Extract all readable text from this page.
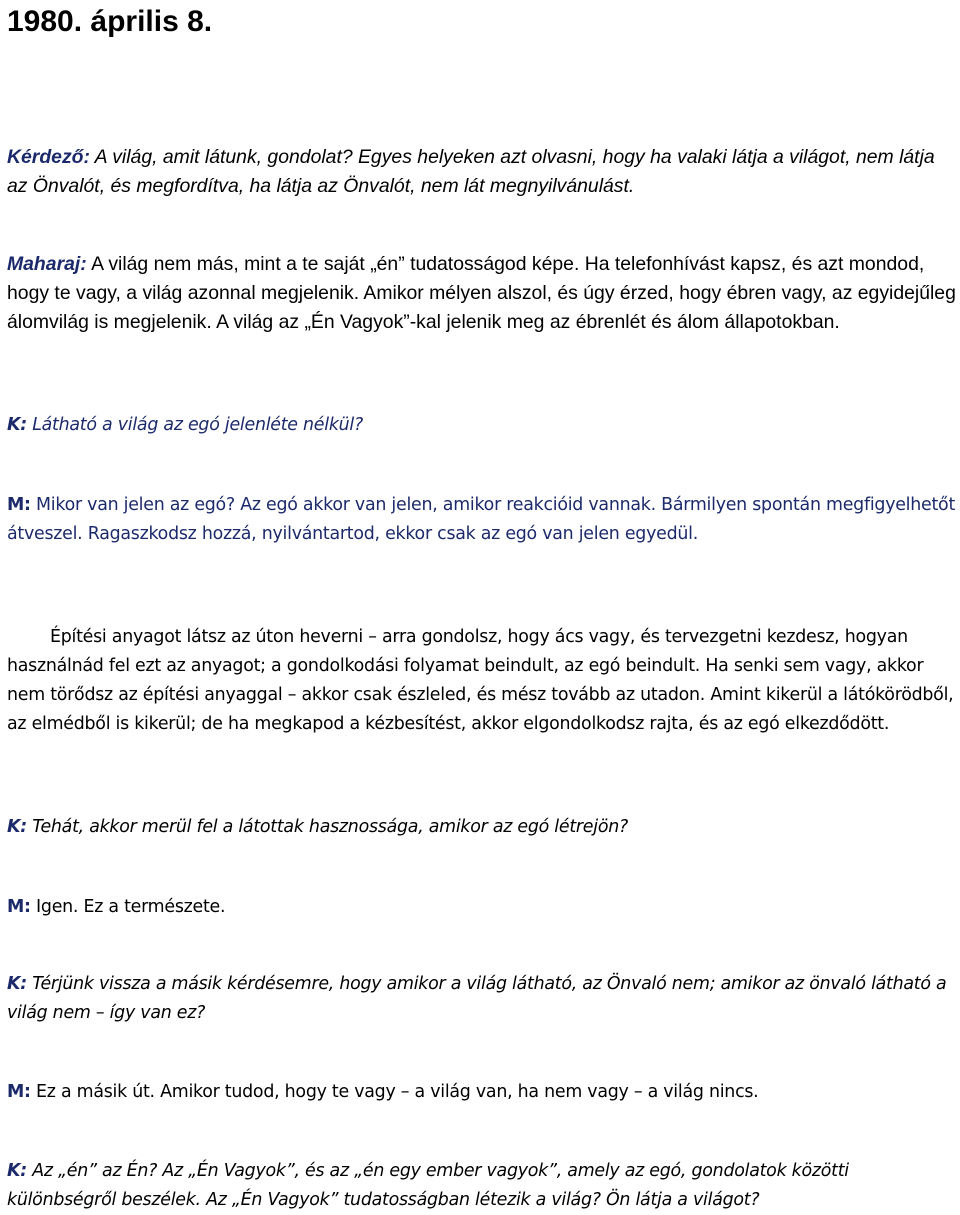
1980. április 8.

Kérdező: A világ, amit látunk, gondolat? Egyes helyeken azt olvasni, hogy ha valaki látja a világot, nem látja az Önvalót, és megfordítva, ha látja az Önvalót, nem lát megnyilvánulást.

Maharaj: A világ nem más, mint a te saját „én” tudatosságod képe. Ha telefonhívást kapsz, és azt mondod, hogy te vagy, a világ azonnal megjelenik. Amikor mélyen alszol, és úgy érzed, hogy ébren vagy, az egyidejűleg álomvilág is megjelenik. A világ az „Én Vagyok”-kal jelenik meg az ébrenlét és álom állapotokban.

K: Látható a világ az egó jelenléte nélkül?

M: Mikor van jelen az egó? Az egó akkor van jelen, amikor reakcióid vannak. Bármilyen spontán megfigyelhetőt átveszel. Ragaszkodsz hozzá, nyilvántartod, ekkor csak az egó van jelen egyedül.

Építési anyagot látsz az úton heverni – arra gondolsz, hogy ács vagy, és tervezgetni kezdesz, hogyan használnád fel ezt az anyagot; a gondolkodási folyamat beindult, az egó beindult. Ha senki sem vagy, akkor nem törődsz az építési anyaggal – akkor csak észleled, és mész tovább az utadon. Amint kikerül a látókörödből, az elmédből is kikerül; de ha megkapod a kézbesítést, akkor elgondolkodsz rajta, és az egó elkezdődött.

K: Tehát, akkor merül fel a látottak hasznossága, amikor az egó létrejön?

M: Igen. Ez a természete.

K: Térjünk vissza a másik kérdésemre, hogy amikor a világ látható, az Önvaló nem; amikor az önvaló látható a világ nem – így van ez?

M: Ez a másik út. Amikor tudod, hogy te vagy – a világ van, ha nem vagy – a világ nincs.

K: Az „én” az Én? Az „Én Vagyok”, és az „én egy ember vagyok”, amely az egó, gondolatok közötti különbségről beszélek. Az „Én Vagyok” tudatosságban létezik a világ? Ön látja a világot?
